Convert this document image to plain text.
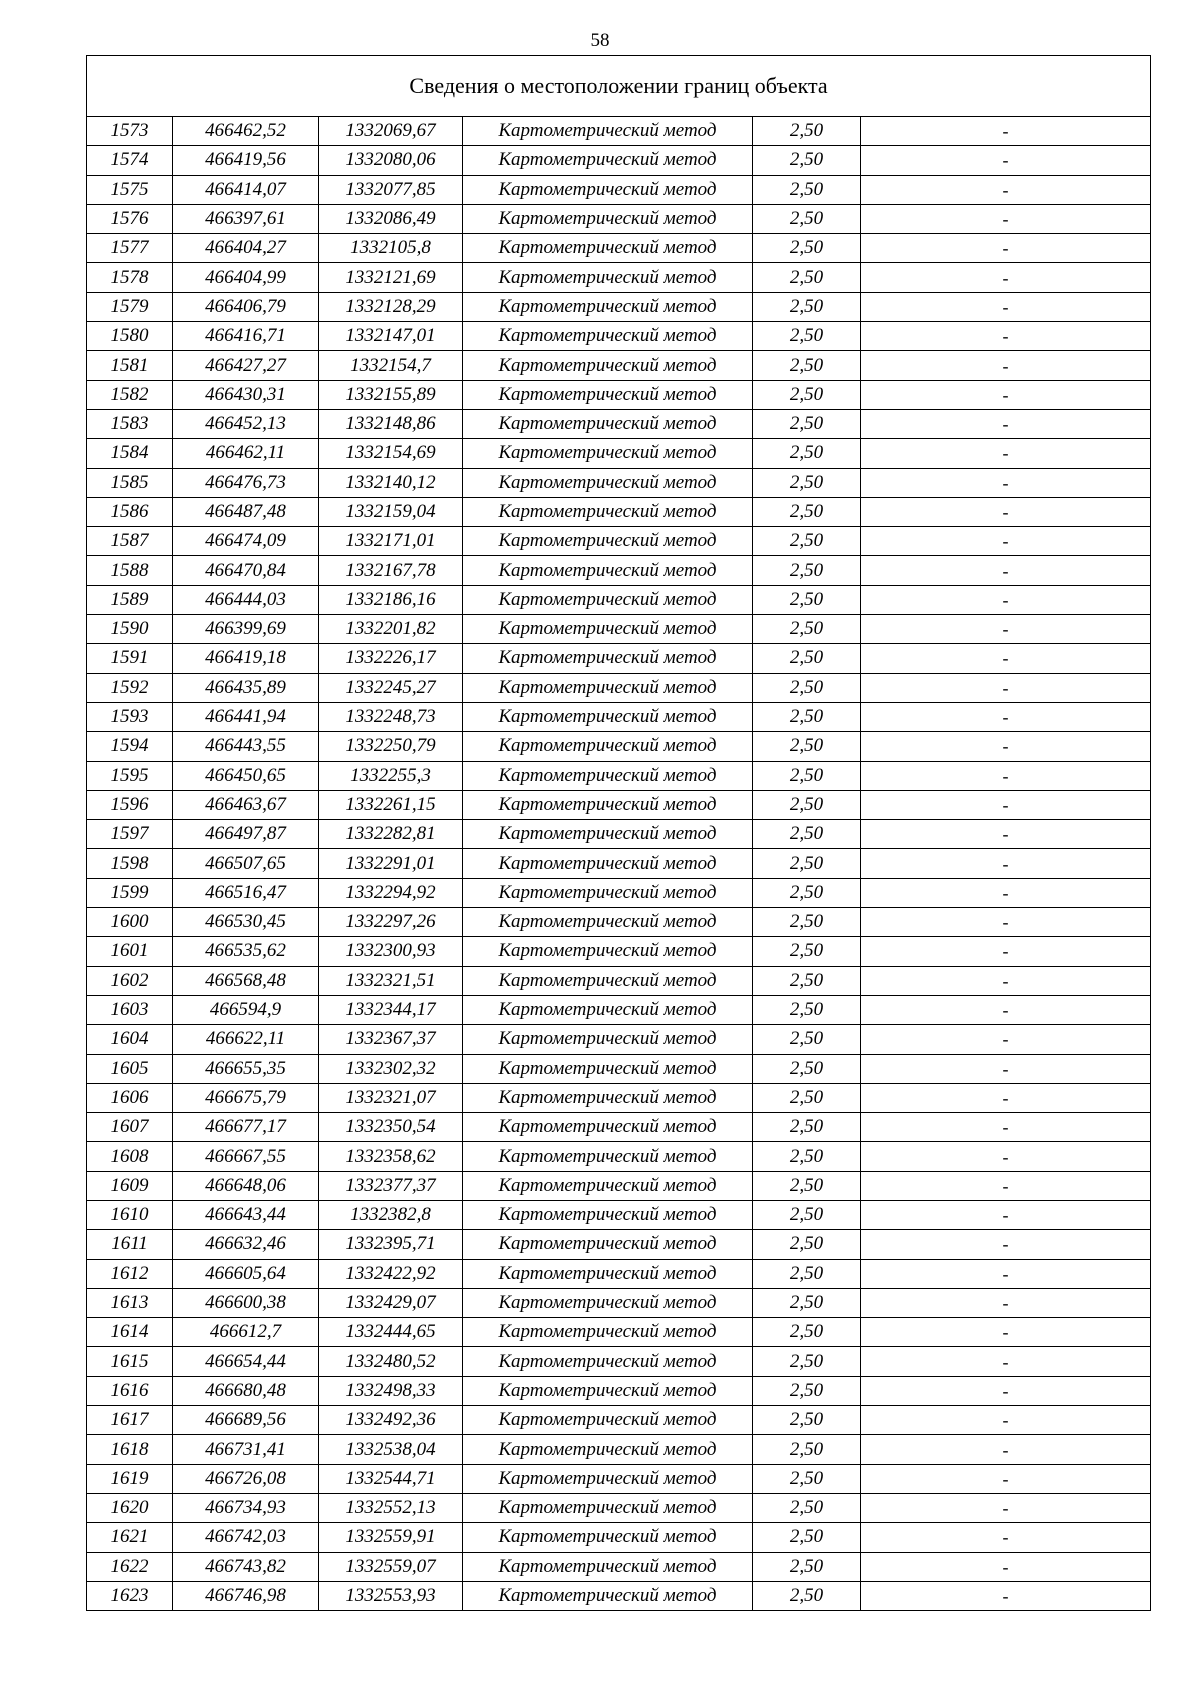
58
Сведения о местоположении границ объекта					
1573	466462,52	1332069,67	Картометрический метод	2,50	-
1574	466419,56	1332080,06	Картометрический метод	2,50	-
1575	466414,07	1332077,85	Картометрический метод	2,50	-
1576	466397,61	1332086,49	Картометрический метод	2,50	-
1577	466404,27	1332105,8	Картометрический метод	2,50	-
1578	466404,99	1332121,69	Картометрический метод	2,50	-
1579	466406,79	1332128,29	Картометрический метод	2,50	-
1580	466416,71	1332147,01	Картометрический метод	2,50	-
1581	466427,27	1332154,7	Картометрический метод	2,50	-
1582	466430,31	1332155,89	Картометрический метод	2,50	-
1583	466452,13	1332148,86	Картометрический метод	2,50	-
1584	466462,11	1332154,69	Картометрический метод	2,50	-
1585	466476,73	1332140,12	Картометрический метод	2,50	-
1586	466487,48	1332159,04	Картометрический метод	2,50	-
1587	466474,09	1332171,01	Картометрический метод	2,50	-
1588	466470,84	1332167,78	Картометрический метод	2,50	-
1589	466444,03	1332186,16	Картометрический метод	2,50	-
1590	466399,69	1332201,82	Картометрический метод	2,50	-
1591	466419,18	1332226,17	Картометрический метод	2,50	-
1592	466435,89	1332245,27	Картометрический метод	2,50	-
1593	466441,94	1332248,73	Картометрический метод	2,50	-
1594	466443,55	1332250,79	Картометрический метод	2,50	-
1595	466450,65	1332255,3	Картометрический метод	2,50	-
1596	466463,67	1332261,15	Картометрический метод	2,50	-
1597	466497,87	1332282,81	Картометрический метод	2,50	-
1598	466507,65	1332291,01	Картометрический метод	2,50	-
1599	466516,47	1332294,92	Картометрический метод	2,50	-
1600	466530,45	1332297,26	Картометрический метод	2,50	-
1601	466535,62	1332300,93	Картометрический метод	2,50	-
1602	466568,48	1332321,51	Картометрический метод	2,50	-
1603	466594,9	1332344,17	Картометрический метод	2,50	-
1604	466622,11	1332367,37	Картометрический метод	2,50	-
1605	466655,35	1332302,32	Картометрический метод	2,50	-
1606	466675,79	1332321,07	Картометрический метод	2,50	-
1607	466677,17	1332350,54	Картометрический метод	2,50	-
1608	466667,55	1332358,62	Картометрический метод	2,50	-
1609	466648,06	1332377,37	Картометрический метод	2,50	-
1610	466643,44	1332382,8	Картометрический метод	2,50	-
1611	466632,46	1332395,71	Картометрический метод	2,50	-
1612	466605,64	1332422,92	Картометрический метод	2,50	-
1613	466600,38	1332429,07	Картометрический метод	2,50	-
1614	466612,7	1332444,65	Картометрический метод	2,50	-
1615	466654,44	1332480,52	Картометрический метод	2,50	-
1616	466680,48	1332498,33	Картометрический метод	2,50	-
1617	466689,56	1332492,36	Картометрический метод	2,50	-
1618	466731,41	1332538,04	Картометрический метод	2,50	-
1619	466726,08	1332544,71	Картометрический метод	2,50	-
1620	466734,93	1332552,13	Картометрический метод	2,50	-
1621	466742,03	1332559,91	Картометрический метод	2,50	-
1622	466743,82	1332559,07	Картометрический метод	2,50	-
1623	466746,98	1332553,93	Картометрический метод	2,50	-
